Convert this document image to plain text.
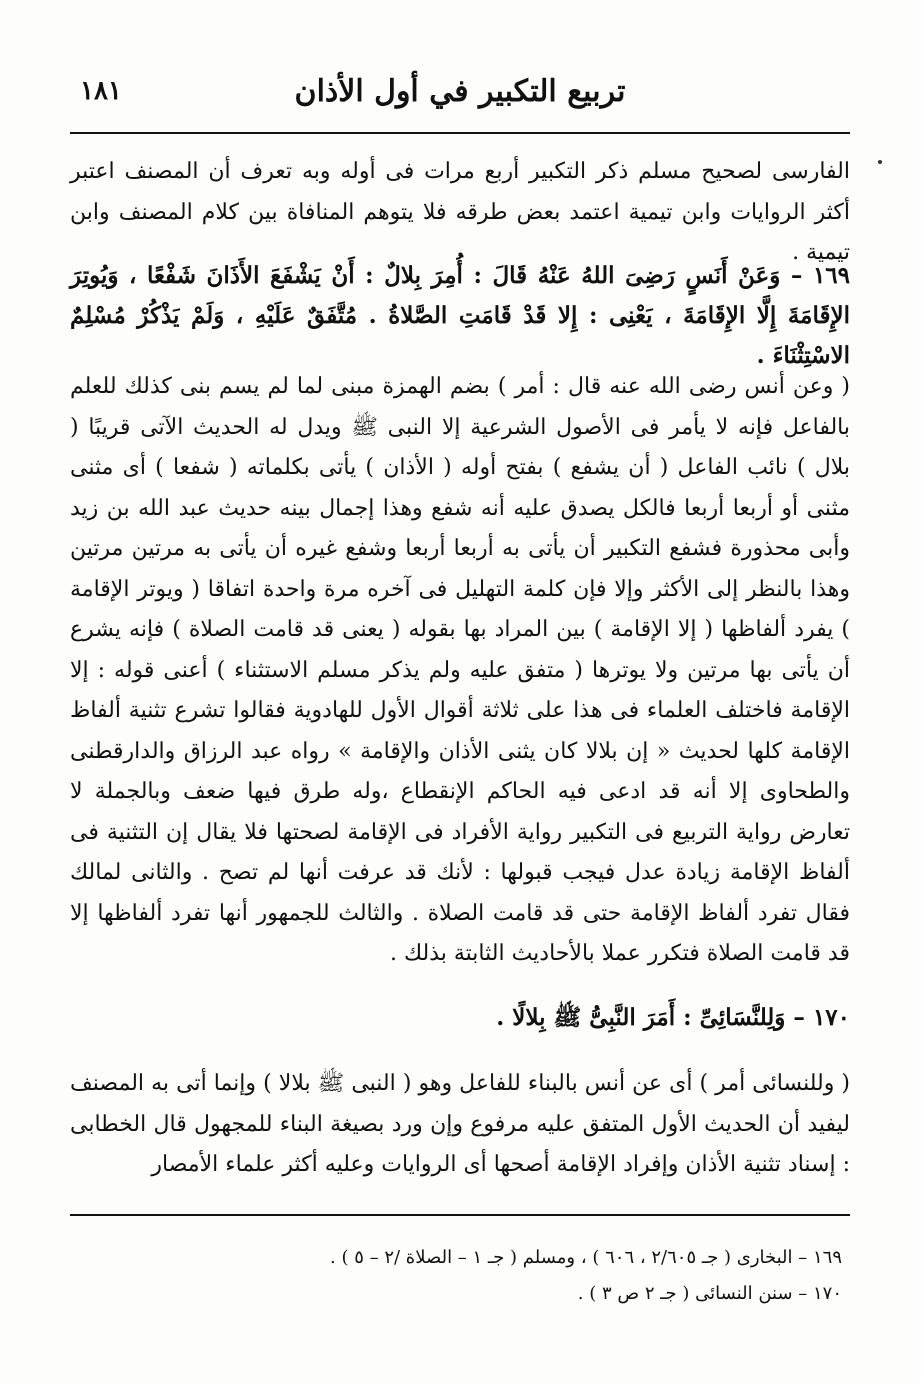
١٨١	تربيع التكبير في أول الأذان

الفارسى لصحيح مسلم ذكر التكبير أربع مرات فى أوله وبه تعرف أن المصنف اعتبر أكثر الروايات وابن تيمية اعتمد بعض طرقه فلا يتوهم المنافاة بين كلام المصنف وابن تيمية .

١٦٩ – وَعَنْ أَنَسٍ رَضِىَ اللهُ عَنْهُ قَالَ : أُمِرَ بِلالٌ : أَنْ يَشْفَعَ الأَذَانَ شَفْعًا ، وَيُوتِرَ الإِقَامَةَ إِلَّا الإِقَامَةَ ، يَعْنِى : إِلا قَدْ قَامَتِ الصَّلاةُ . مُتَّفَقٌ عَلَيْهِ ، وَلَمْ يَذْكُرْ مُسْلِمٌ الاسْتِثْنَاءَ .

( وعن أنس رضى الله عنه قال : أمر ) بضم الهمزة مبنى لما لم يسم بنى كذلك للعلم بالفاعل فإنه لا يأمر فى الأصول الشرعية إلا النبى ﷺ ويدل له الحديث الآتى قريبًا ( بلال ) نائب الفاعل ( أن يشفع ) بفتح أوله ( الأذان ) يأتى بكلماته ( شفعا ) أى مثنى مثنى أو أربعا أربعا فالكل يصدق عليه أنه شفع وهذا إجمال بينه حديث عبد الله بن زيد وأبى محذورة فشفع التكبير أن يأتى به أربعا أربعا وشفع غيره أن يأتى به مرتين مرتين وهذا بالنظر إلى الأكثر وإلا فإن كلمة التهليل فى آخره مرة واحدة اتفاقا ( ويوتر الإقامة ) يفرد ألفاظها ( إلا الإقامة ) بين المراد بها بقوله ( يعنى قد قامت الصلاة ) فإنه يشرع أن يأتى بها مرتين ولا يوترها ( متفق عليه ولم يذكر مسلم الاستثناء ) أعنى قوله : إلا الإقامة فاختلف العلماء فى هذا على ثلاثة أقوال الأول للهادوية فقالوا تشرع تثنية ألفاظ الإقامة كلها لحديث « إن بلالا كان يثنى الأذان والإقامة » رواه عبد الرزاق والدارقطنى والطحاوى إلا أنه قد ادعى فيه الحاكم الإنقطاع ،وله طرق فيها ضعف وبالجملة لا تعارض رواية التربيع فى التكبير رواية الأفراد فى الإقامة لصحتها فلا يقال إن التثنية فى ألفاظ الإقامة زيادة عدل فيجب قبولها : لأنك قد عرفت أنها لم تصح . والثانى لمالك فقال تفرد ألفاظ الإقامة حتى قد قامت الصلاة . والثالث للجمهور أنها تفرد ألفاظها إلا قد قامت الصلاة فتكرر عملا بالأحاديث الثابتة بذلك .

١٧٠ – وَلِلنَّسَائِىِّ : أَمَرَ النَّبِىُّ ﷺ بِلالًا .

( وللنسائى أمر ) أى عن أنس بالبناء للفاعل وهو ( النبى ﷺ بلالا ) وإنما أتى به المصنف ليفيد أن الحديث الأول المتفق عليه مرفوع وإن ورد بصيغة البناء للمجهول قال الخطابى : إسناد تثنية الأذان وإفراد الإقامة أصحها أى الروايات وعليه أكثر علماء الأمصار

١٦٩ – البخارى ( جـ ٢/٦٠٥ ، ٦٠٦ ) ، ومسلم ( جـ ١ – الصلاة /٢ – ٥ ) .

١٧٠ – سنن النسائى ( جـ ٢ ص ٣ ) .
